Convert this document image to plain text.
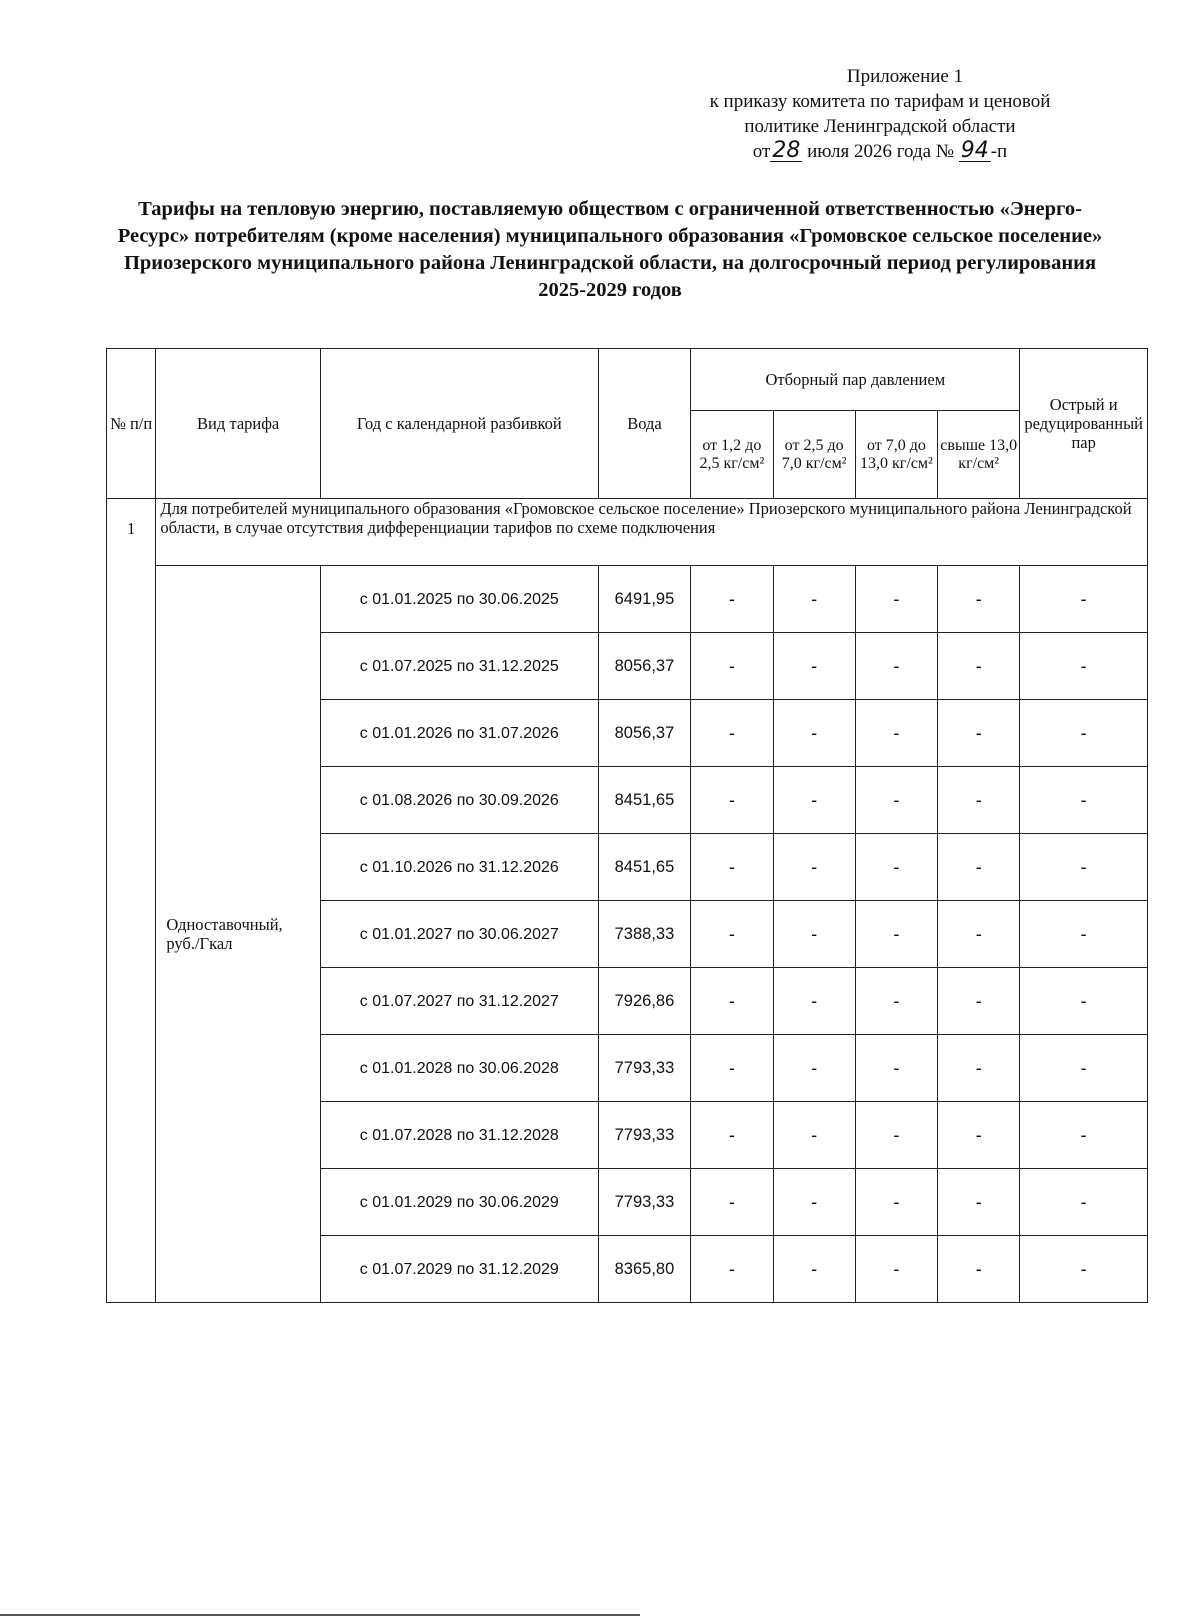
Приложение 1
к приказу комитета по тарифам и ценовой
политике Ленинградской области
от28 июля 2026 года № 94 -п
Тарифы на тепловую энергию, поставляемую обществом с ограниченной ответственностью «Энерго-Ресурс» потребителям (кроме населения) муниципального образования «Громовское сельское поселение» Приозерского муниципального района Ленинградской области, на долгосрочный период регулирования 2025-2029 годов
№ п/п	Вид тарифа	Год с календарной разбивкой	Вода	Отборный пар давлением				Острый и редуцированный пар
				от 1,2 до 2,5 кг/см²	от 2,5 до 7,0 кг/см²	от 7,0 до 13,0 кг/см²	свыше 13,0 кг/см²	
1	Для потребителей муниципального образования «Громовское сельское поселение» Приозерского муниципального района Ленинградской области, в случае отсутствия дифференциации тарифов по схеме подключения							
	Одноставочный, руб./Гкал	с 01.01.2025 по 30.06.2025	6491,95	-	-	-	-	-
		с 01.07.2025 по 31.12.2025	8056,37	-	-	-	-	-
		с 01.01.2026 по 31.07.2026	8056,37	-	-	-	-	-
		с 01.08.2026 по 30.09.2026	8451,65	-	-	-	-	-
		с 01.10.2026 по 31.12.2026	8451,65	-	-	-	-	-
		с 01.01.2027 по 30.06.2027	7388,33	-	-	-	-	-
		с 01.07.2027 по 31.12.2027	7926,86	-	-	-	-	-
		с 01.01.2028 по 30.06.2028	7793,33	-	-	-	-	-
		с 01.07.2028 по 31.12.2028	7793,33	-	-	-	-	-
		с 01.01.2029 по 30.06.2029	7793,33	-	-	-	-	-
		с 01.07.2029 по 31.12.2029	8365,80	-	-	-	-	-
